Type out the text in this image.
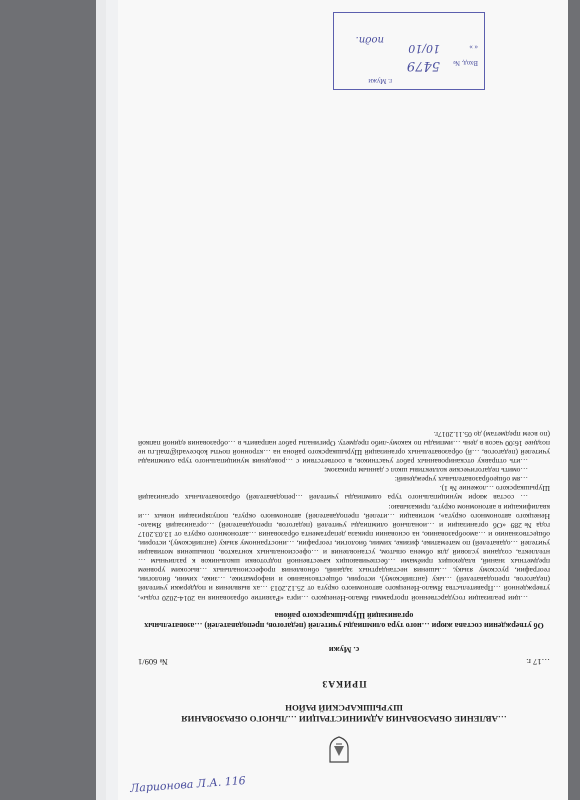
г. Мужи
Вход. №
« »
5479
10/10
подп.
…АВЛЕНИЕ ОБРАЗОВАНИЯ АДМИНИСТРАЦИИ …ЛЬНОГО ОБРАЗОВАНИЯ ШУРЫШКАРСКИЙ РАЙОН
ПРИКАЗ
…17 г.
№ 609/1
с. Мужи
Об утверждении состава жюри …ного тура олимпиады учителей (педагогов, преподавателей) …азовательных организаций Шурышкарского района
…ции реализации государственной программы Ямало-Ненецкого …ирга «Развитие образования на 2014-2020 годы», утвержденной …Правительства Ямало-Ненецкого автономного округа от 25.12.2013 …ах выявления и поддержки учителей (педагогов, преподавателей) …ыку (английскому), истории, обществознанию и информатике, …зике, химии, биологии, географии, русскому языку, …ышения нестандартных заданий, обновления профессиональных …высоким уровнем предметных знаний, владеющих приёмами …беспечивающих качественной подготовки школьников к различным …нтеллекта, создания условий для обмена опытом, установления и …офессиональных контактов, повышения мотивации учителей …одавателей) по математике, физике, химии, биологии, географии, …иностранному языку (английскому), истории, обществознанию и …амообразованию, на основании приказа департамента образования …автономного округа от 13.03.2017 года №289 «Об организации и …иональной олимпиады учителей (педагогов, преподавателей) …организаций Ямало-Ненецкого автономного округа», мотивации …ителей, преподавателей) автономного округа, популяризации новых …и квалификации в автономном округе, приказываю:
… состав жюри муниципального тура олимпиады учителей …реподавателей) образовательных организаций Шурышкарского …ложение № 1).
…ям общеобразовательных учреждений:
…омить педагогические коллективы школ с данным приказом;
…ить отправку отсканированных работ участников, в соответствии с …роведения муниципального тура олимпиады учителей (педагогов, …й) образовательных организаций Шурышкарского района на …ктронной почты kobcevadi@mail.ru не позднее 16:00 часов в день …импиады по какому-либо предмету. Оригиналы работ направить в …образования единой папкой (по всем предметам) до 05.11.2017г.
Ларионова Л.А. 116
